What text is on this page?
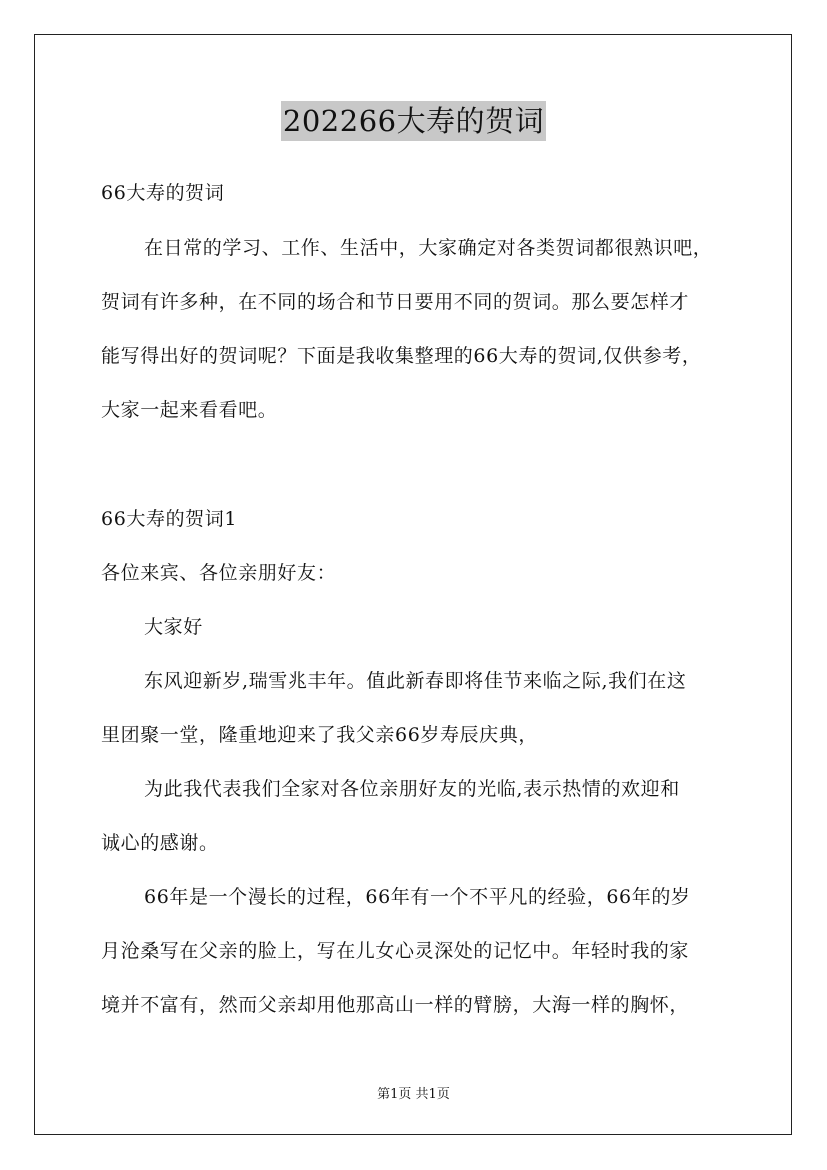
202266大寿的贺词
66大寿的贺词
在日常的学习、工作、生活中，大家确定对各类贺词都很熟识吧，
贺词有许多种，在不同的场合和节日要用不同的贺词。那么要怎样才
能写得出好的贺词呢？下面是我收集整理的66大寿的贺词,仅供参考，
大家一起来看看吧。
66大寿的贺词1
各位来宾、各位亲朋好友：
大家好
东风迎新岁,瑞雪兆丰年。值此新春即将佳节来临之际,我们在这
里团聚一堂，隆重地迎来了我父亲66岁寿辰庆典，
为此我代表我们全家对各位亲朋好友的光临,表示热情的欢迎和
诚心的感谢。
66年是一个漫长的过程，66年有一个不平凡的经验，66年的岁
月沧桑写在父亲的脸上，写在儿女心灵深处的记忆中。年轻时我的家
境并不富有，然而父亲却用他那高山一样的臂膀，大海一样的胸怀，
第1页 共1页
